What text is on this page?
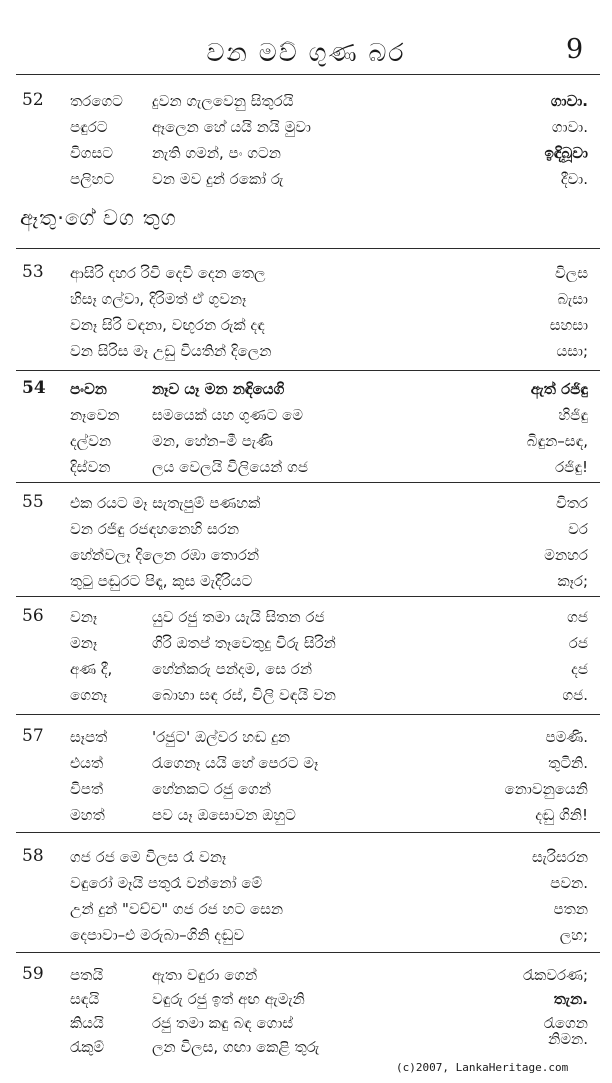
වන මව් ගුණ බර	9
52 තරගෙට දුවන ගැලවෙනු සිතුරයි	ගාවා.
පඳුරට	ඈලෙන හේ යයි නයි මුවා	ගාවා.
විගසට	නැති ගමන්, පං ගටන	ඉඳිබූවා
පලිහට	වන මව දුන් රකෝ රු	දීවා.
ඈතු·ගේ වග තුග
53 ආසිරි දහර රිවි දෙවි දෙන තෙල	විලස
හිසෑ ගල්වා, දිරිමත් ඒ ගුවනෑ	බැසා
වනෑ සිරි වඳනා, වඟුරන රුක් දඳ	සහසා
වන සිරිස මෑ උඩු වියතින් දිලෙන	යසා;
54 පංවන	නෑව යෑ මන නඳියෙගි	ඇත් රජිඳු
නෑවෙන සමයෙක් යහ ගුණට මෙ	හිජිඳු
දල්වන	මන, හේන–මී පැණි	බිඳුන–සඳ,
දිස්වන	ලය වෙලයි විලියෙන් ගජ	රජිඳු!
55 එක රයට මෑ සැතැපුම් පණහක්	විතර
වන රජිඳු රජඳහනෙහි සරන	වර
හේන්වලෑ දිලෙන රඹා තොරන්	මනහර
තුටු පඬුරට පිඳෑ, කුස මැදිරියට	කෑර;
56 වනෑ	යුව රජු තමා යැයි සිතන රජ	ගජ
මනෑ	ගිරි ඔතප් තෑවෙතුදු විරු සිරින්	රජ
අණ දී,	හේන්කරු පන්දම, සෙ රන්	දජ
ගෙනෑ	බොහා සඳ රස්, විලි වඳයි වන	ගජ.
57 සෑපත්	'රජුට' ඔල්වර හඬ දුන	පමණි.
එයත්	රැගෙනෑ යයි හේ පෙරට මෑ	තුටිනි.
විපත්	හේනකට රජු ගෙන්	නොවනුයෙනි
මහත්	පව යෑ ඔසොවන ඔහුට	දඬු ගිනි!
58 ගජ රජ මෙ විලස රෑ වනෑ	සැරිසරන
වඳුරෝ මෑයි පතුරෑ වන්නෝ මේ	පවන.
උන් දුන් "වච්ච" ගජ රජ හට සෙන	පතන
දෙපාවා–එ මරුබා–ගිනි දඬුව	ලහ;
59 පතයි	ඇතා වඳුරා ගෙන්	රැකවරණ;
සඳයි	වඳුරු රජු ඉත් අඟ ඇමැනි	තැන.
කියයි	රජු තමා කඳු බඳ ගොස්	රැගෙන
රැකුම්	ලන විලස, ගඟා කෙළි තුරු	නිමන.
(c)2007, LankaHeritage.com
